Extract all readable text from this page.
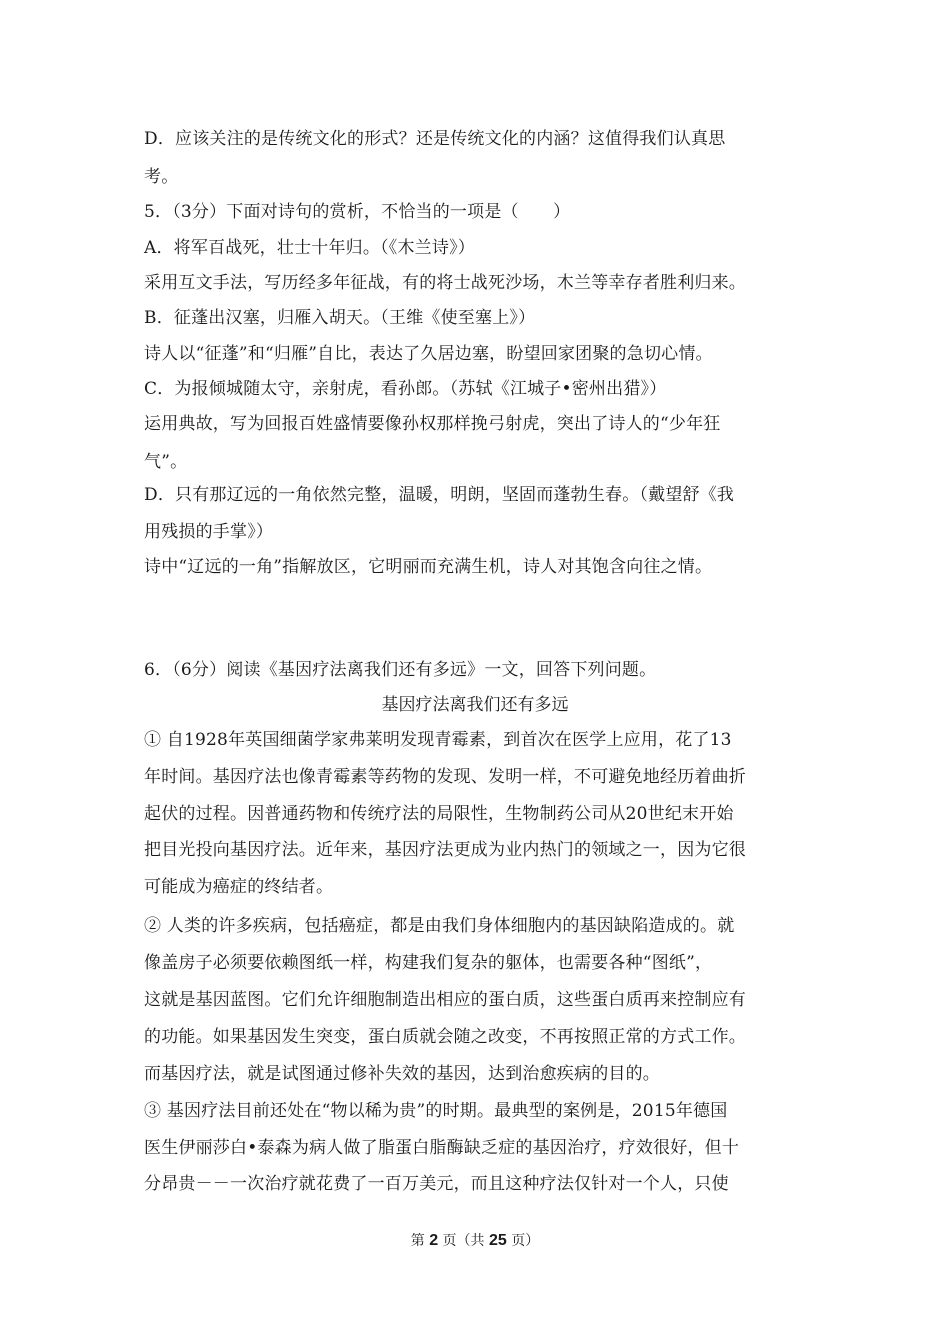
D．应该关注的是传统文化的形式？还是传统文化的内涵？这值得我们认真思
考。
5．（3分）下面对诗句的赏析，不恰当的一项是（　　）
A．将军百战死，壮士十年归。（《木兰诗》）
采用互文手法，写历经多年征战，有的将士战死沙场，木兰等幸存者胜利归来。
B．征蓬出汉塞，归雁入胡天。（王维《使至塞上》）
诗人以“征蓬”和“归雁”自比，表达了久居边塞，盼望回家团聚的急切心情。
C．为报倾城随太守，亲射虎，看孙郎。（苏轼《江城子•密州出猎》）
运用典故，写为回报百姓盛情要像孙权那样挽弓射虎，突出了诗人的“少年狂
气”。
D．只有那辽远的一角依然完整，温暖，明朗，坚固而蓬勃生春。（戴望舒《我
用残损的手掌》）
诗中“辽远的一角”指解放区，它明丽而充满生机，诗人对其饱含向往之情。
6．（6分）阅读《基因疗法离我们还有多远》一文，回答下列问题。
基因疗法离我们还有多远
① 自1928年英国细菌学家弗莱明发现青霉素，到首次在医学上应用，花了13
年时间。基因疗法也像青霉素等药物的发现、发明一样，不可避免地经历着曲折
起伏的过程。因普通药物和传统疗法的局限性，生物制药公司从20世纪末开始
把目光投向基因疗法。近年来，基因疗法更成为业内热门的领域之一，因为它很
可能成为癌症的终结者。
② 人类的许多疾病，包括癌症，都是由我们身体细胞内的基因缺陷造成的。就
像盖房子必须要依赖图纸一样，构建我们复杂的躯体，也需要各种“图纸”，
这就是基因蓝图。它们允许细胞制造出相应的蛋白质，这些蛋白质再来控制应有
的功能。如果基因发生突变，蛋白质就会随之改变，不再按照正常的方式工作。
而基因疗法，就是试图通过修补失效的基因，达到治愈疾病的目的。
③ 基因疗法目前还处在“物以稀为贵”的时期。最典型的案例是，2015年德国
医生伊丽莎白•泰森为病人做了脂蛋白脂酶缺乏症的基因治疗，疗效很好，但十
分昂贵－－一次治疗就花费了一百万美元，而且这种疗法仅针对一个人，只使
第 2 页（共 25 页）
